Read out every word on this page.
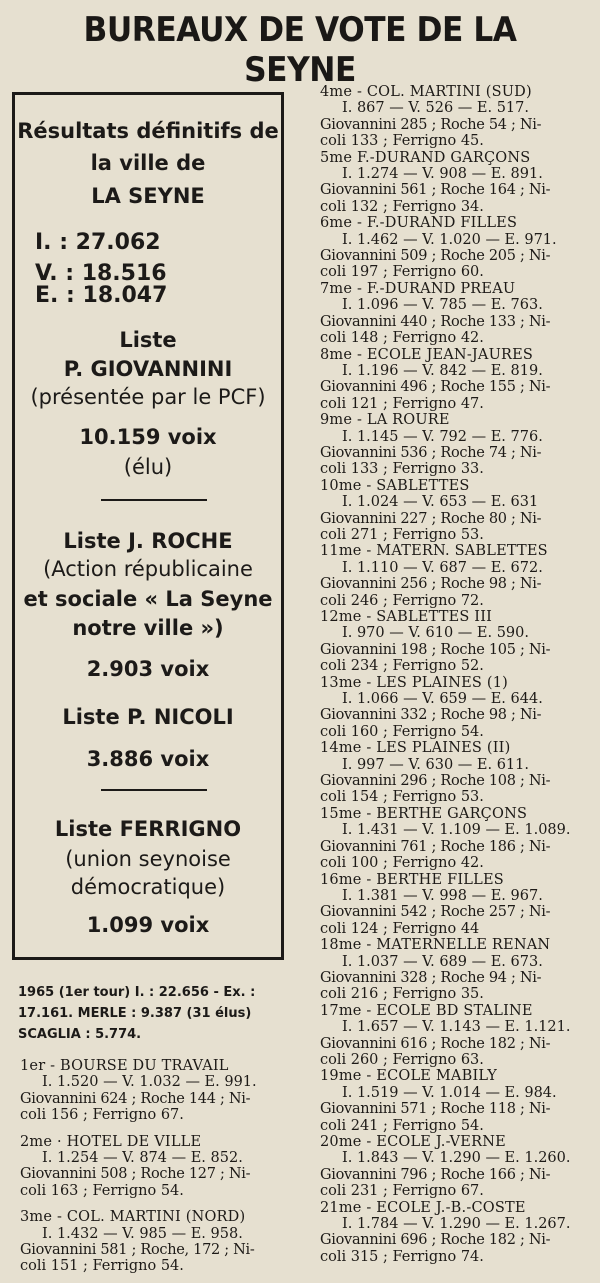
BUREAUX DE VOTE DE LA SEYNE
Résultats définitifs de
la ville de
LA SEYNE
I. : 27.062
V. : 18.516
E. : 18.047
Liste
P. GIOVANNINI
(présentée par le PCF)
10.159 voix
(élu)
Liste J. ROCHE
(Action républicaine
et sociale « La Seyne
notre ville »)
2.903 voix
Liste P. NICOLI
3.886 voix
Liste FERRIGNO
(union seynoise
démocratique)
1.099 voix
1965 (1er tour) I. : 22.656 - Ex. :
17.161. MERLE : 9.387 (31 élus)
SCAGLIA : 5.774.
1er - BOURSE DU TRAVAIL
I. 1.520 — V. 1.032 — E. 991.
Giovannini 624 ; Roche 144 ; Ni-
coli 156 ; Ferrigno 67.
2me · HOTEL DE VILLE
I. 1.254 — V. 874 — E. 852.
Giovannini 508 ; Roche 127 ; Ni-
coli 163 ; Ferrigno 54.
3me - COL. MARTINI (NORD)
I. 1.432 — V. 985 — E. 958.
Giovannini 581 ; Roche, 172 ; Ni-
coli 151 ; Ferrigno 54.
4me - COL. MARTINI (SUD)
I. 867 — V. 526 — E. 517.
Giovannini 285 ; Roche 54 ; Ni-
coli 133 ; Ferrigno 45.
5me F.-DURAND GARÇONS
I. 1.274 — V. 908 — E. 891.
Giovannini 561 ; Roche 164 ; Ni-
coli 132 ; Ferrigno 34.
6me - F.-DURAND FILLES
I. 1.462 — V. 1.020 — E. 971.
Giovannini 509 ; Roche 205 ; Ni-
coli 197 ; Ferrigno 60.
7me - F.-DURAND PREAU
I. 1.096 — V. 785 — E. 763.
Giovannini 440 ; Roche 133 ; Ni-
coli 148 ; Ferrigno 42.
8me - ECOLE JEAN-JAURES
I. 1.196 — V. 842 — E. 819.
Giovannini 496 ; Roche 155 ; Ni-
coli 121 ; Ferrigno 47.
9me - LA ROURE
I. 1.145 — V. 792 — E. 776.
Giovannini 536 ; Roche 74 ; Ni-
coli 133 ; Ferrigno 33.
10me - SABLETTES
I. 1.024 — V. 653 — E. 631
Giovannini 227 ; Roche 80 ; Ni-
coli 271 ; Ferrigno 53.
11me - MATERN. SABLETTES
I. 1.110 — V. 687 — E. 672.
Giovannini 256 ; Roche 98 ; Ni-
coli 246 ; Ferrigno 72.
12me - SABLETTES III
I. 970 — V. 610 — E. 590.
Giovannini 198 ; Roche 105 ; Ni-
coli 234 ; Ferrigno 52.
13me - LES PLAINES (1)
I. 1.066 — V. 659 — E. 644.
Giovannini 332 ; Roche 98 ; Ni-
coli 160 ; Ferrigno 54.
14me - LES PLAINES (II)
I. 997 — V. 630 — E. 611.
Giovannini 296 ; Roche 108 ; Ni-
coli 154 ; Ferrigno 53.
15me - BERTHE GARÇONS
I. 1.431 — V. 1.109 — E. 1.089.
Giovannini 761 ; Roche 186 ; Ni-
coli 100 ; Ferrigno 42.
16me - BERTHE FILLES
I. 1.381 — V. 998 — E. 967.
Giovannini 542 ; Roche 257 ; Ni-
coli 124 ; Ferrigno 44
18me - MATERNELLE RENAN
I. 1.037 — V. 689 — E. 673.
Giovannini 328 ; Roche 94 ; Ni-
coli 216 ; Ferrigno 35.
17me - ECOLE BD STALINE
I. 1.657 — V. 1.143 — E. 1.121.
Giovannini 616 ; Roche 182 ; Ni-
coli 260 ; Ferrigno 63.
19me - ECOLE MABILY
I. 1.519 — V. 1.014 — E. 984.
Giovannini 571 ; Roche 118 ; Ni-
coli 241 ; Ferrigno 54.
20me - ECOLE J.-VERNE
I. 1.843 — V. 1.290 — E. 1.260.
Giovannini 796 ; Roche 166 ; Ni-
coli 231 ; Ferrigno 67.
21me - ECOLE J.-B.-COSTE
I. 1.784 — V. 1.290 — E. 1.267.
Giovannini 696 ; Roche 182 ; Ni-
coli 315 ; Ferrigno 74.
